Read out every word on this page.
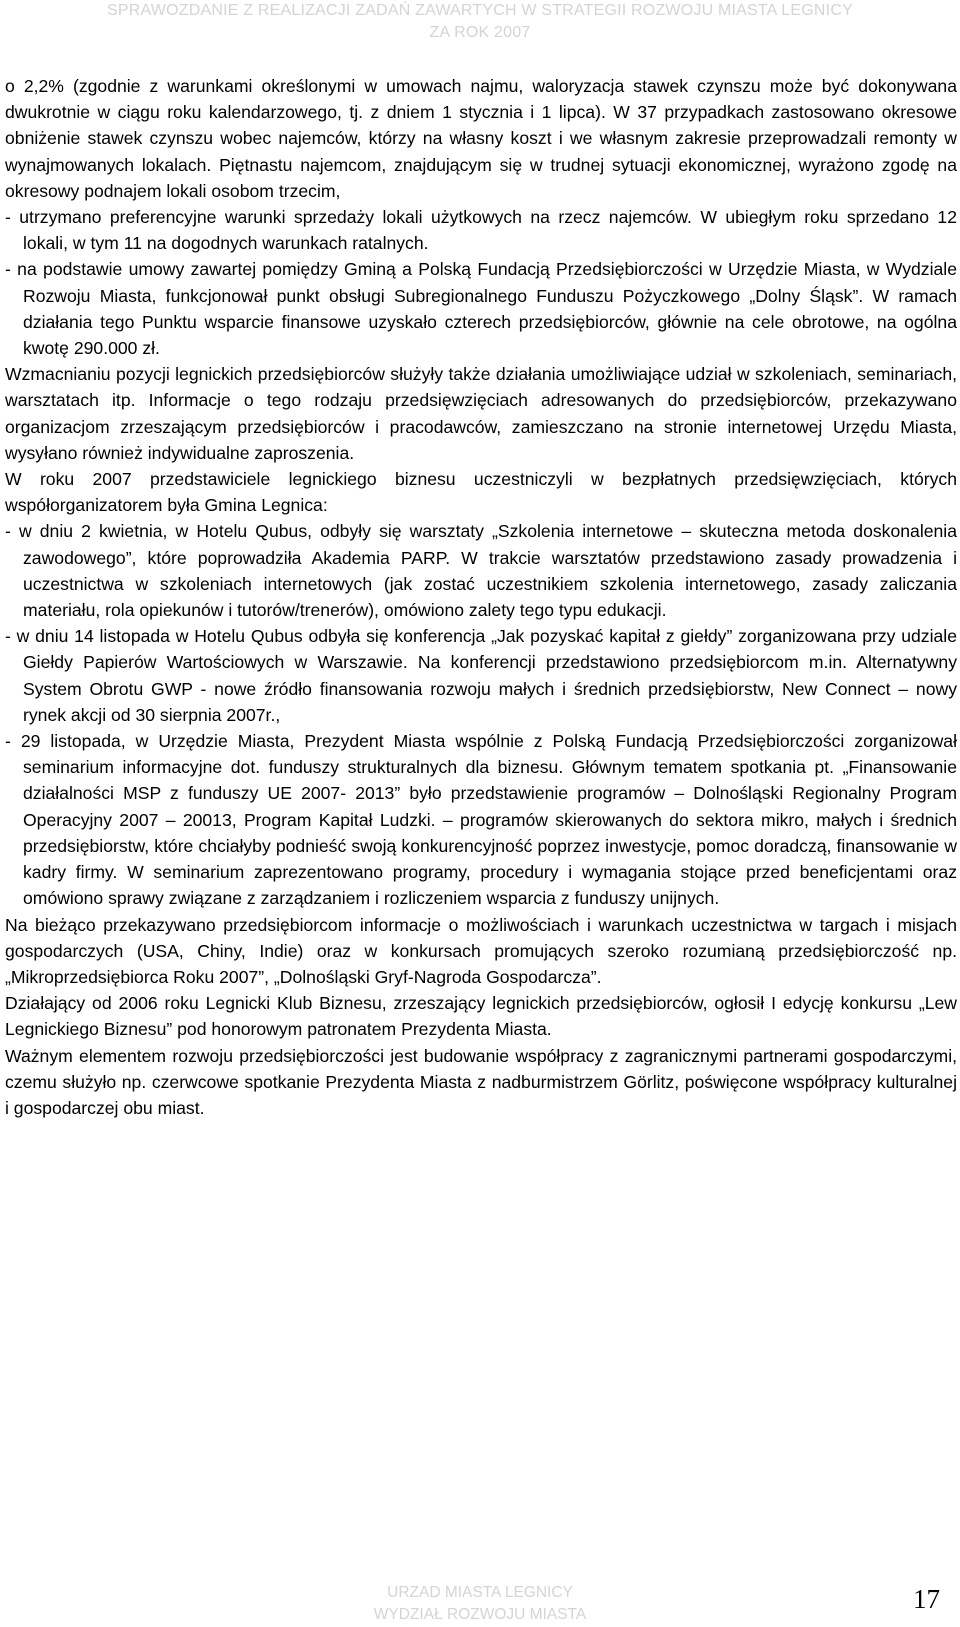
SPRAWOZDANIE Z REALIZACJI ZADAŃ ZAWARTYCH W STRATEGII ROZWOJU MIASTA LEGNICY
ZA ROK 2007

o 2,2% (zgodnie z warunkami określonymi w umowach najmu, waloryzacja stawek czynszu może być dokonywana dwukrotnie w ciągu roku kalendarzowego, tj. z dniem 1 stycznia i 1 lipca). W 37 przypadkach zastosowano okresowe obniżenie stawek czynszu wobec najemców, którzy na własny koszt i we własnym zakresie przeprowadzali remonty w wynajmowanych lokalach. Piętnastu najemcom, znajdującym się w trudnej sytuacji ekonomicznej, wyrażono zgodę na okresowy podnajem lokali osobom trzecim,

- utrzymano preferencyjne warunki sprzedaży lokali użytkowych na rzecz najemców. W ubiegłym roku sprzedano 12 lokali, w tym 11 na dogodnych warunkach ratalnych.

- na podstawie umowy zawartej pomiędzy Gminą a Polską Fundacją Przedsiębiorczości w Urzędzie Miasta, w Wydziale Rozwoju Miasta, funkcjonował punkt obsługi Subregionalnego Funduszu Pożyczkowego „Dolny Śląsk”. W ramach działania tego Punktu wsparcie finansowe uzyskało czterech przedsiębiorców, głównie na cele obrotowe, na ogólna kwotę 290.000 zł.

Wzmacnianiu pozycji legnickich przedsiębiorców służyły także działania umożliwiające udział w szkoleniach, seminariach, warsztatach itp. Informacje o tego rodzaju przedsięwzięciach adresowanych do przedsiębiorców, przekazywano organizacjom zrzeszającym przedsiębiorców i pracodawców, zamieszczano na stronie internetowej Urzędu Miasta, wysyłano również indywidualne zaproszenia.

W roku 2007 przedstawiciele legnickiego biznesu uczestniczyli w bezpłatnych przedsięwzięciach, których współorganizatorem była Gmina Legnica:

- w dniu 2 kwietnia, w Hotelu Qubus, odbyły się warsztaty „Szkolenia internetowe – skuteczna metoda doskonalenia zawodowego”, które poprowadziła Akademia PARP. W trakcie warsztatów przedstawiono zasady prowadzenia i uczestnictwa w szkoleniach internetowych (jak zostać uczestnikiem szkolenia internetowego, zasady zaliczania materiału, rola opiekunów i tutorów/trenerów), omówiono zalety tego typu edukacji.

- w dniu 14 listopada w Hotelu Qubus odbyła się konferencja „Jak pozyskać kapitał z giełdy” zorganizowana przy udziale Giełdy Papierów Wartościowych w Warszawie. Na konferencji przedstawiono przedsiębiorcom m.in. Alternatywny System Obrotu GWP - nowe źródło finansowania rozwoju małych i średnich przedsiębiorstw, New Connect – nowy rynek akcji od 30 sierpnia 2007r.,

- 29 listopada, w Urzędzie Miasta, Prezydent Miasta wspólnie z Polską Fundacją Przedsiębiorczości zorganizował seminarium informacyjne dot. funduszy strukturalnych dla biznesu. Głównym tematem spotkania pt. „Finansowanie działalności MSP z funduszy UE 2007- 2013” było przedstawienie programów – Dolnośląski Regionalny Program Operacyjny 2007 – 20013, Program Kapitał Ludzki. – programów skierowanych do sektora mikro, małych i średnich przedsiębiorstw, które chciałyby podnieść swoją konkurencyjność poprzez inwestycje, pomoc doradczą, finansowanie w kadry firmy. W seminarium zaprezentowano programy, procedury i wymagania stojące przed beneficjentami oraz omówiono sprawy związane z zarządzaniem i rozliczeniem wsparcia z funduszy unijnych.

Na bieżąco przekazywano przedsiębiorcom informacje o możliwościach i warunkach uczestnictwa w targach i misjach gospodarczych (USA, Chiny, Indie) oraz w konkursach promujących szeroko rozumianą przedsiębiorczość np. „Mikroprzedsiębiorca Roku 2007”, „Dolnośląski Gryf-Nagroda Gospodarcza”.

Działający od 2006 roku Legnicki Klub Biznesu, zrzeszający legnickich przedsiębiorców, ogłosił I edycję konkursu „Lew Legnickiego Biznesu” pod honorowym patronatem Prezydenta Miasta.

Ważnym elementem rozwoju przedsiębiorczości jest budowanie współpracy z zagranicznymi partnerami gospodarczymi, czemu służyło np. czerwcowe spotkanie Prezydenta Miasta z nadburmistrzem Görlitz, poświęcone współpracy kulturalnej i gospodarczej obu miast.

URZAD MIASTA LEGNICY
WYDZIAŁ ROZWOJU MIASTA
17
